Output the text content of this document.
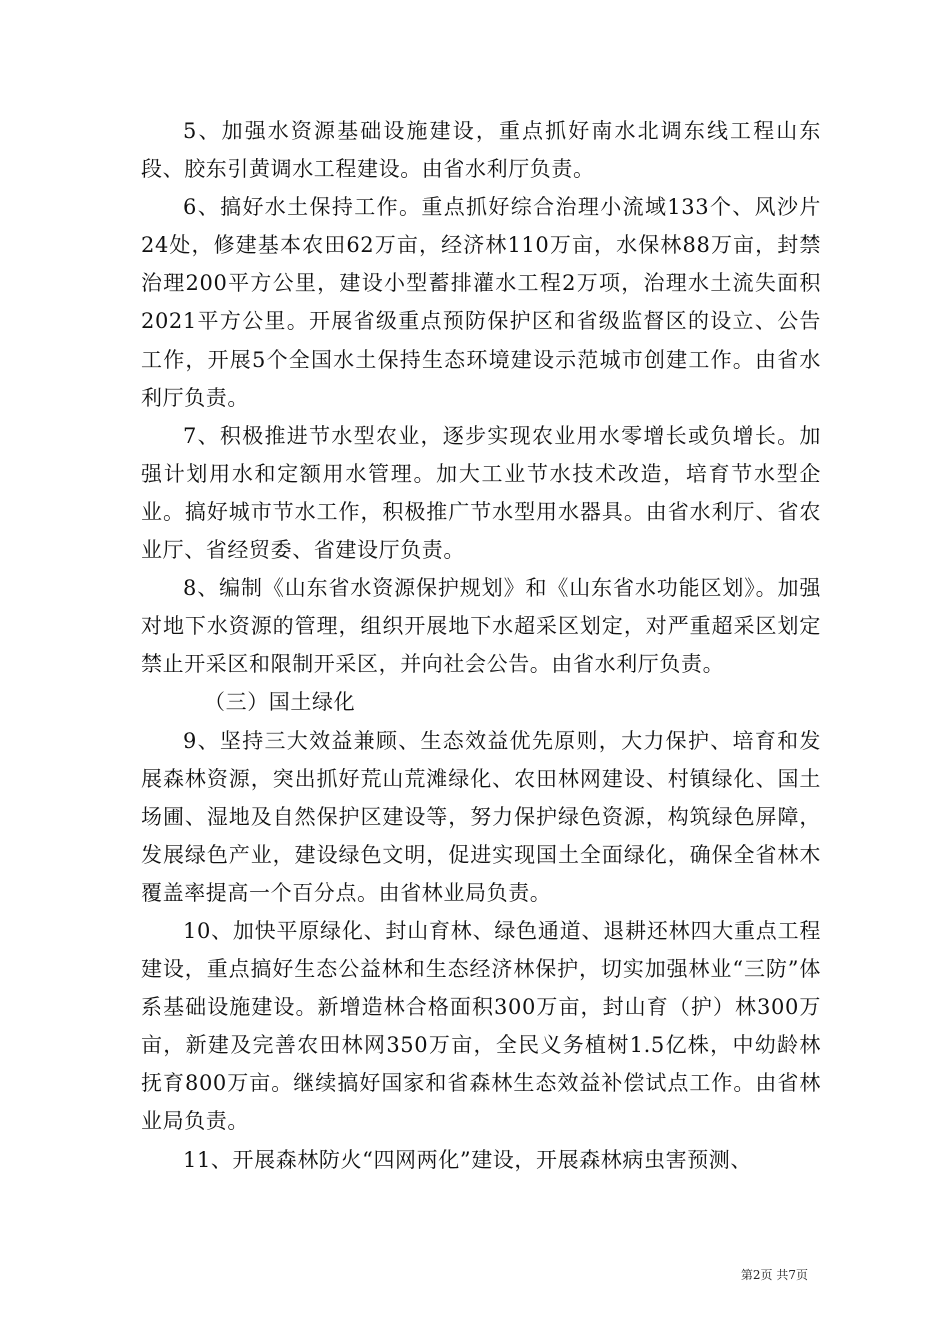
5、加强水资源基础设施建设，重点抓好南水北调东线工程山东段、胶东引黄调水工程建设。由省水利厅负责。

6、搞好水土保持工作。重点抓好综合治理小流域133个、风沙片24处，修建基本农田62万亩，经济林110万亩，水保林88万亩，封禁治理200平方公里，建设小型蓄排灌水工程2万项，治理水土流失面积2021平方公里。开展省级重点预防保护区和省级监督区的设立、公告工作，开展5个全国水土保持生态环境建设示范城市创建工作。由省水利厅负责。

7、积极推进节水型农业，逐步实现农业用水零增长或负增长。加强计划用水和定额用水管理。加大工业节水技术改造，培育节水型企业。搞好城市节水工作，积极推广节水型用水器具。由省水利厅、省农业厅、省经贸委、省建设厅负责。

8、编制《山东省水资源保护规划》和《山东省水功能区划》。加强对地下水资源的管理，组织开展地下水超采区划定，对严重超采区划定禁止开采区和限制开采区，并向社会公告。由省水利厅负责。

（三）国土绿化

9、坚持三大效益兼顾、生态效益优先原则，大力保护、培育和发展森林资源，突出抓好荒山荒滩绿化、农田林网建设、村镇绿化、国土场圃、湿地及自然保护区建设等，努力保护绿色资源，构筑绿色屏障，发展绿色产业，建设绿色文明，促进实现国土全面绿化，确保全省林木覆盖率提高一个百分点。由省林业局负责。

10、加快平原绿化、封山育林、绿色通道、退耕还林四大重点工程建设，重点搞好生态公益林和生态经济林保护，切实加强林业“三防”体系基础设施建设。新增造林合格面积300万亩，封山育（护）林300万亩，新建及完善农田林网350万亩，全民义务植树1.5亿株，中幼龄林抚育800万亩。继续搞好国家和省森林生态效益补偿试点工作。由省林业局负责。

11、开展森林防火“四网两化”建设，开展森林病虫害预测、

第2页 共7页
